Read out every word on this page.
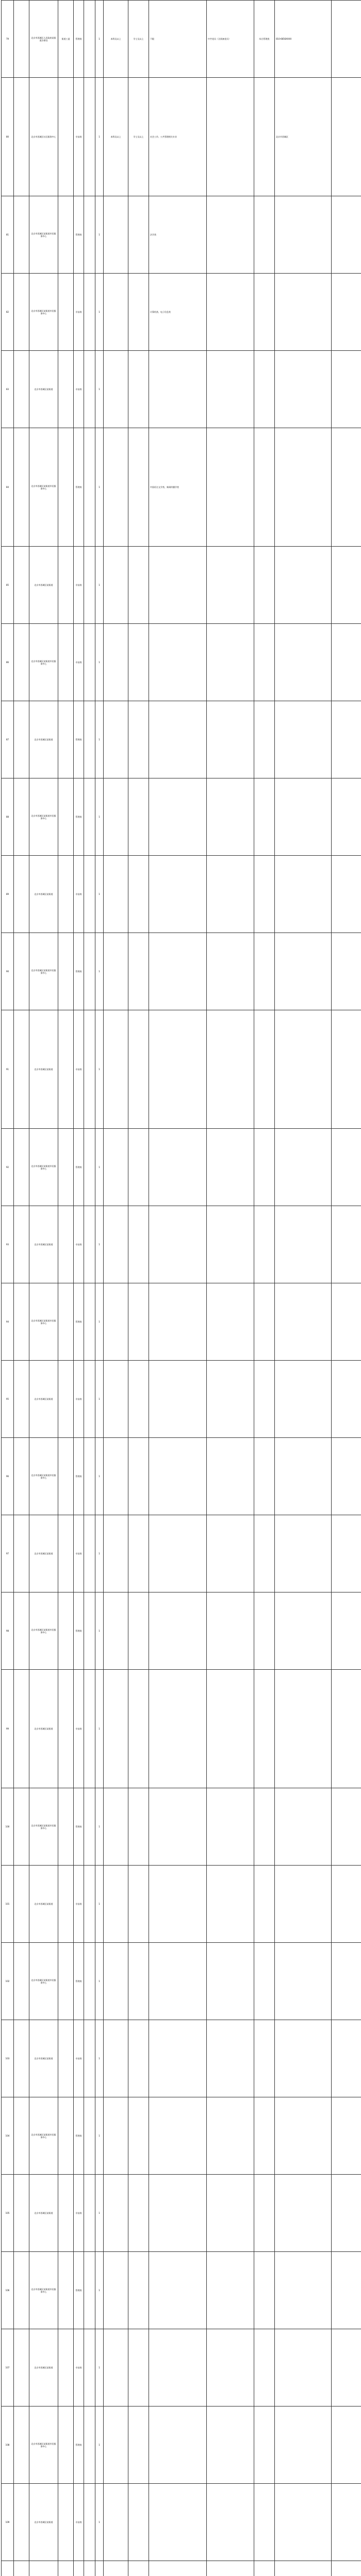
79		北京市西城区人民政府某街道办事处	街道工委	管理岗		1	本科及以上	学士及以上	不限	中共党员（含预备党员）	综合管理类	010-6656XXXX	
80		北京市西城区社区服务中心		专技岗		1	本科及以上	学士及以上	社会工作、公共管理相关专业			北京市西城区	
81		北京市西城区某街道市民服务中心		管理岗		1			法学类				
82		北京市西城区某街道市民服务中心		专技岗		1			计算机类、电子信息类				
83		北京市西城区某街道		专技岗		1							
84		北京市西城区某街道市民服务中心		管理岗		1			中国语言文学类、新闻传播学类				
85		北京市西城区某街道		专技岗		1							
86		北京市西城区某街道市民服务中心		专技岗		1							
87		北京市西城区某街道		管理岗		1							
88		北京市西城区某街道市民服务中心		管理岗		1							
89		北京市西城区某街道		专技岗		1							
90		北京市西城区某街道市民服务中心		管理岗		1							
91		北京市西城区某街道		专技岗		1							
92		北京市西城区某街道市民服务中心		管理岗		1							
93		北京市西城区某街道		专技岗		1							
94		北京市西城区某街道市民服务中心		管理岗		1							
95		北京市西城区某街道		专技岗		1							
96		北京市西城区某街道市民服务中心		管理岗		1							
97		北京市西城区某街道		专技岗		1							
98		北京市西城区某街道市民服务中心		管理岗		1							
99		北京市西城区某街道		专技岗		1							
100		北京市西城区某街道市民服务中心		管理岗		1							
101		北京市西城区某街道		专技岗		1							
102		北京市西城区某街道市民服务中心		管理岗		1							
103		北京市西城区某街道		专技岗		1							
104		北京市西城区某街道市民服务中心		管理岗		1							
105		北京市西城区某街道		专技岗		1							
106		北京市西城区某街道市民服务中心		管理岗		1							
107		北京市西城区某街道		专技岗		1							
108		北京市西城区某街道市民服务中心		管理岗		1							
109		北京市西城区某街道		专技岗		1							
